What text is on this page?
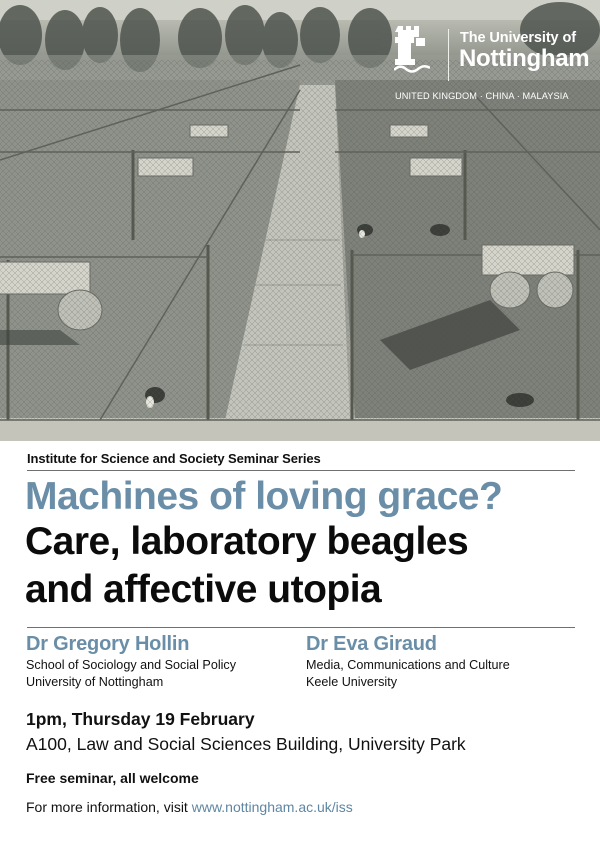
The University of
Nottingham
UNITED KINGDOM · CHINA · MALAYSIA
Institute for Science and Society Seminar Series
Machines of loving grace?
Care, laboratory beagles
and affective utopia
Dr Gregory Hollin
School of Sociology and Social Policy
University of Nottingham
Dr Eva Giraud
Media, Communications and Culture
Keele University
1pm, Thursday 19 February
A100, Law and Social Sciences Building, University Park
Free seminar, all welcome
For more information, visit www.nottingham.ac.uk/iss
